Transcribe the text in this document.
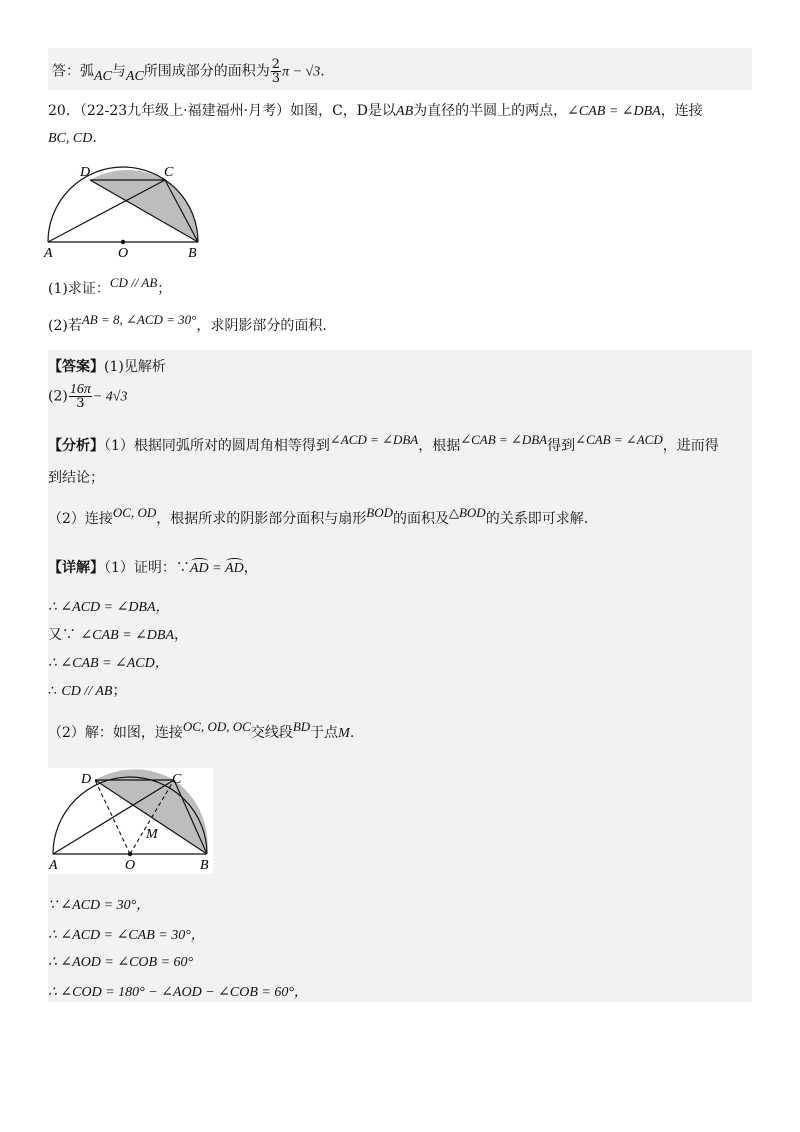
答：弧AC与AC所围成部分的面积为 $\frac{2}{3}$ π − √3.
20．（22-23九年级上·福建福州·月考）如图，C，D是以AB为直径的半圆上的两点，∠CAB = ∠DBA，连接
BC, CD.
D	C
A	O	B
(1)求证：CD // AB；
(2)若AB = 8, ∠ACD = 30°，求阴影部分的面积.
【答案】(1)见解析
$(2) \frac{16\pi}{3} - 4√3$
【分析】（1）根据同弧所对的圆周角相等得到∠ACD = ∠DBA，根据∠CAB = ∠DBA得到∠CAB = ∠ACD，进而得
到结论；
（2）连接OC, OD，根据所求的阴影部分面积与扇形BOD的面积及△BOD的关系即可求解.
【详解】（1）证明：∵AD = AD，
∴ ∠ACD = ∠DBA，
又∵ ∠CAB = ∠DBA，
∴ ∠CAB = ∠ACD，
∴ CD // AB；
（2）解：如图，连接OC, OD, OC交线段BD于点M.
D	C
M
A	O	B
∵ ∠ACD = 30°，
∴ ∠ACD = ∠CAB = 30°，
∴ ∠AOD = ∠COB = 60°
∴ ∠COD = 180° − ∠AOD − ∠COB = 60°，
